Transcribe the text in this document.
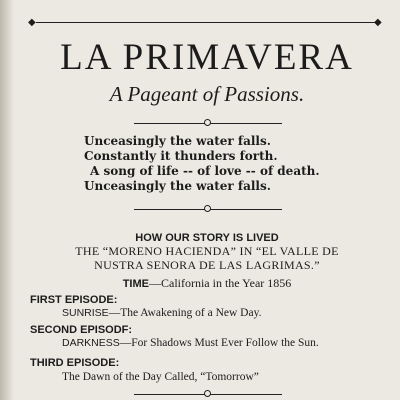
◆	◆
LA PRIMAVERA
A Pageant of Passions.
Unceasingly the water falls.
Constantly it thunders forth.
A song of life -- of love -- of death.
Unceasingly the water falls.
HOW OUR STORY IS LIVED
THE “MORENO HACIENDA” IN “EL VALLE DE
NUSTRA SENORA DE LAS LAGRIMAS.”
TIME—California in the Year 1856
FIRST EPISODE:
SUNRISE—The Awakening of a New Day.
SECOND EPISODF:
DARKNESS—For Shadows Must Ever Follow the Sun.
THIRD EPISODE:
The Dawn of the Day Called, “Tomorrow”
